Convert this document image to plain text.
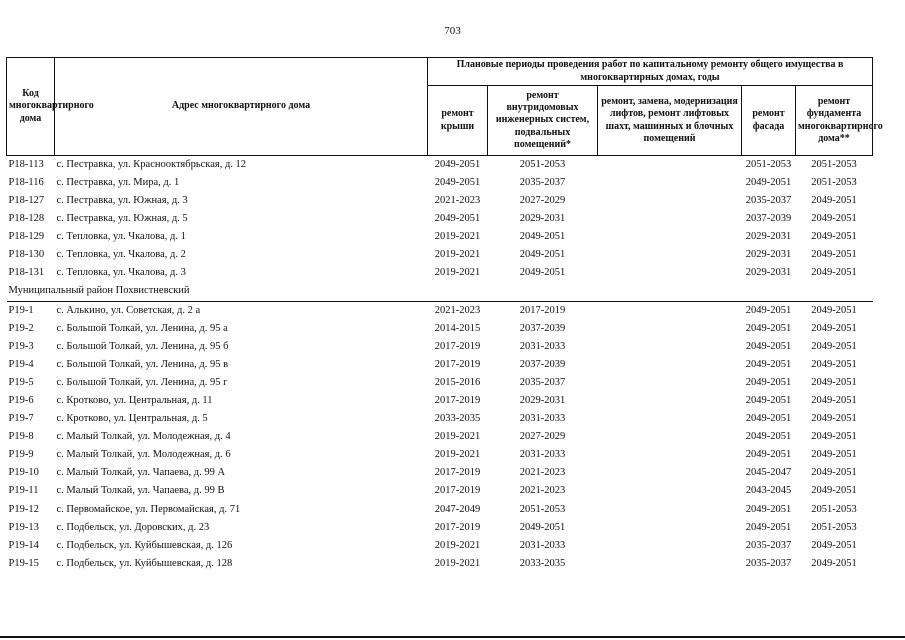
703
Код многоквартирного дома	Адрес многоквартирного дома	Плановые периоды проведения работ по капитальному ремонту общего имущества в многоквартирных домах, годы				
		ремонт крыши	ремонт внутридомовых инженерных систем, подвальных помещений*	ремонт, замена, модернизация лифтов, ремонт лифтовых шахт, машинных и блочных помещений	ремонт фасада	ремонт фундамента многоквартирного дома**
Р18-113	с. Пестравка, ул. Краснооктябрьская, д. 12	2049-2051	2051-2053		2051-2053	2051-2053
Р18-116	с. Пестравка, ул. Мира, д. 1	2049-2051	2035-2037		2049-2051	2051-2053
Р18-127	с. Пестравка, ул. Южная, д. 3	2021-2023	2027-2029		2035-2037	2049-2051
Р18-128	с. Пестравка, ул. Южная, д. 5	2049-2051	2029-2031		2037-2039	2049-2051
Р18-129	с. Тепловка, ул. Чкалова, д. 1	2019-2021	2049-2051		2029-2031	2049-2051
Р18-130	с. Тепловка, ул. Чкалова, д. 2	2019-2021	2049-2051		2029-2031	2049-2051
Р18-131	с. Тепловка, ул. Чкалова, д. 3	2019-2021	2049-2051		2029-2031	2049-2051
Муниципальный район Похвистневский						
Р19-1	с. Алькино, ул. Советская, д. 2 а	2021-2023	2017-2019		2049-2051	2049-2051
Р19-2	с. Большой Толкай, ул. Ленина, д. 95 а	2014-2015	2037-2039		2049-2051	2049-2051
Р19-3	с. Большой Толкай, ул. Ленина, д. 95 б	2017-2019	2031-2033		2049-2051	2049-2051
Р19-4	с. Большой Толкай, ул. Ленина, д. 95 в	2017-2019	2037-2039		2049-2051	2049-2051
Р19-5	с. Большой Толкай, ул. Ленина, д. 95 г	2015-2016	2035-2037		2049-2051	2049-2051
Р19-6	с. Кротково, ул. Центральная, д. 11	2017-2019	2029-2031		2049-2051	2049-2051
Р19-7	с. Кротково, ул. Центральная, д. 5	2033-2035	2031-2033		2049-2051	2049-2051
Р19-8	с. Малый Толкай, ул. Молодежная, д. 4	2019-2021	2027-2029		2049-2051	2049-2051
Р19-9	с. Малый Толкай, ул. Молодежная, д. 6	2019-2021	2031-2033		2049-2051	2049-2051
Р19-10	с. Малый Толкай, ул. Чапаева, д. 99 А	2017-2019	2021-2023		2045-2047	2049-2051
Р19-11	с. Малый Толкай, ул. Чапаева, д. 99 В	2017-2019	2021-2023		2043-2045	2049-2051
Р19-12	с. Первомайское, ул. Первомайская, д. 71	2047-2049	2051-2053		2049-2051	2051-2053
Р19-13	с. Подбельск, ул. Доровских, д. 23	2017-2019	2049-2051		2049-2051	2051-2053
Р19-14	с. Подбельск, ул. Куйбышевская, д. 126	2019-2021	2031-2033		2035-2037	2049-2051
Р19-15	с. Подбельск, ул. Куйбышевская, д. 128	2019-2021	2033-2035		2035-2037	2049-2051
